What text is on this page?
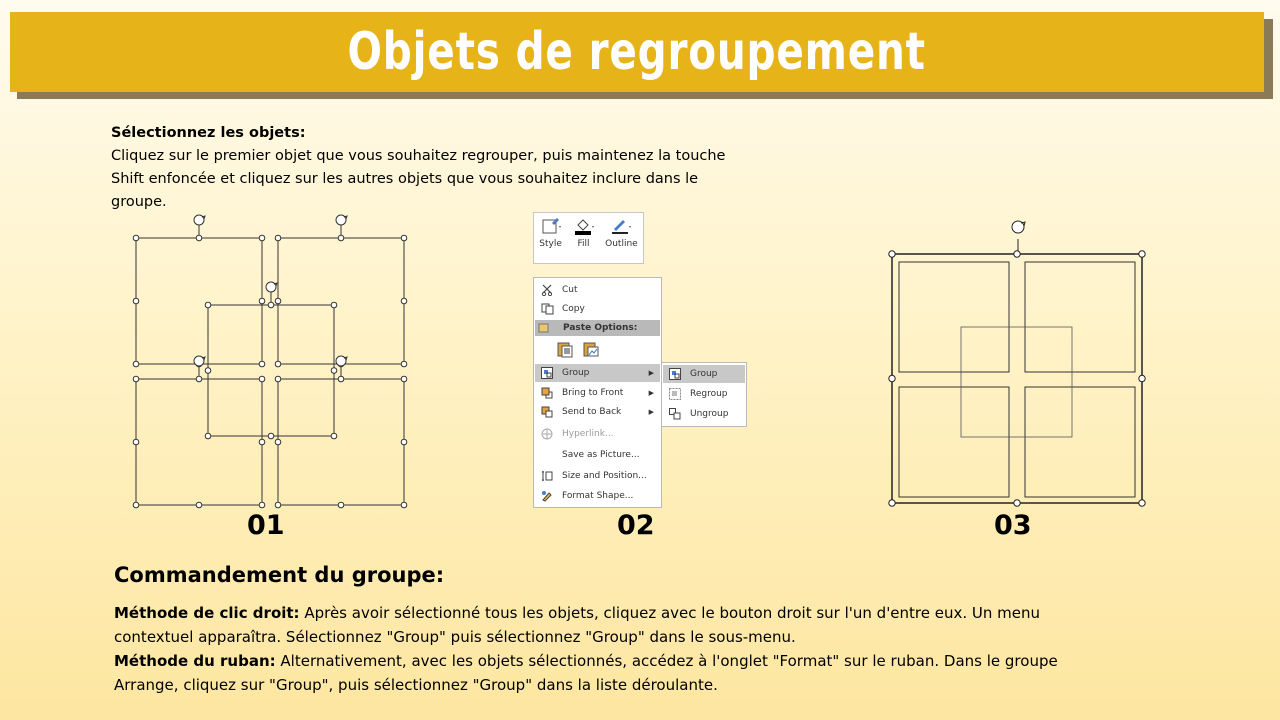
Objets de regroupement
Sélectionnez les objets:
Cliquez sur le premier objet que vous souhaitez regrouper, puis maintenez la touche Shift enfoncée et cliquez sur les autres objets que vous souhaitez inclure dans le groupe.
Style Fill Outline
Cut
Copy
Paste Options:
Group	▶
Bring to Front	▶
Send to Back	▶
Hyperlink...
Save as Picture...
Size and Position...
Format Shape...
Group
Regroup
Ungroup
01	02	03
Commandement du groupe:

Méthode de clic droit: Après avoir sélectionné tous les objets, cliquez avec le bouton droit sur l'un d'entre eux. Un menu contextuel apparaîtra. Sélectionnez "Group" puis sélectionnez "Group" dans le sous-menu.

Méthode du ruban: Alternativement, avec les objets sélectionnés, accédez à l'onglet "Format" sur le ruban. Dans le groupe Arrange, cliquez sur "Group", puis sélectionnez "Group" dans la liste déroulante.
